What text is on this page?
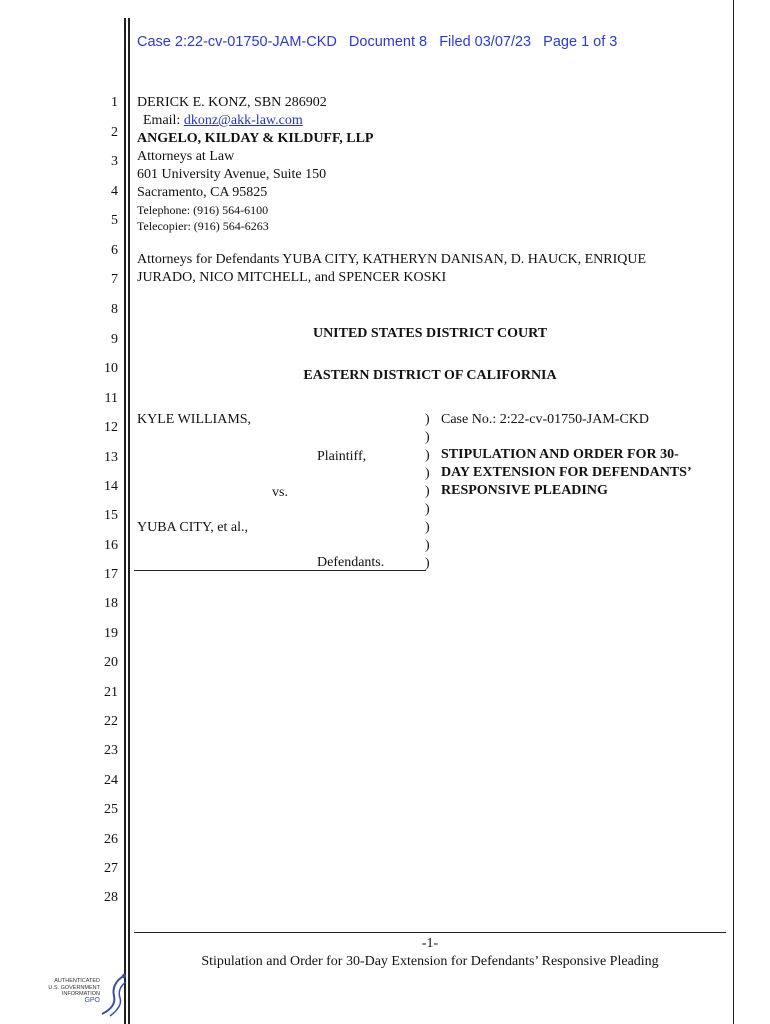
Case 2:22-cv-01750-JAM-CKD   Document 8   Filed 03/07/23   Page 1 of 3
1
2
3
4
5
6
7
8
9
10
11
12
13
14
15
16
17
18
19
20
21
22
23
24
25
26
27
28
DERICK E. KONZ, SBN 286902
Email: dkonz@akk-law.com
ANGELO, KILDAY & KILDUFF, LLP
Attorneys at Law
601 University Avenue, Suite 150
Sacramento, CA 95825
Telephone: (916) 564-6100
Telecopier: (916) 564-6263
Attorneys for Defendants YUBA CITY, KATHERYN DANISAN, D. HAUCK, ENRIQUE
JURADO, NICO MITCHELL, and SPENCER KOSKI
UNITED STATES DISTRICT COURT
EASTERN DISTRICT OF CALIFORNIA
KYLE WILLIAMS,
Plaintiff,
vs.
YUBA CITY, et al.,
Defendants.
)
)
)
)
)
)
)
)
)
Case No.: 2:22-cv-01750-JAM-CKD
STIPULATION AND ORDER FOR 30-
DAY EXTENSION FOR DEFENDANTS’
RESPONSIVE PLEADING
-1-
Stipulation and Order for 30-Day Extension for Defendants’ Responsive Pleading
AUTHENTICATED
U.S. GOVERNMENT
INFORMATION
GPO
